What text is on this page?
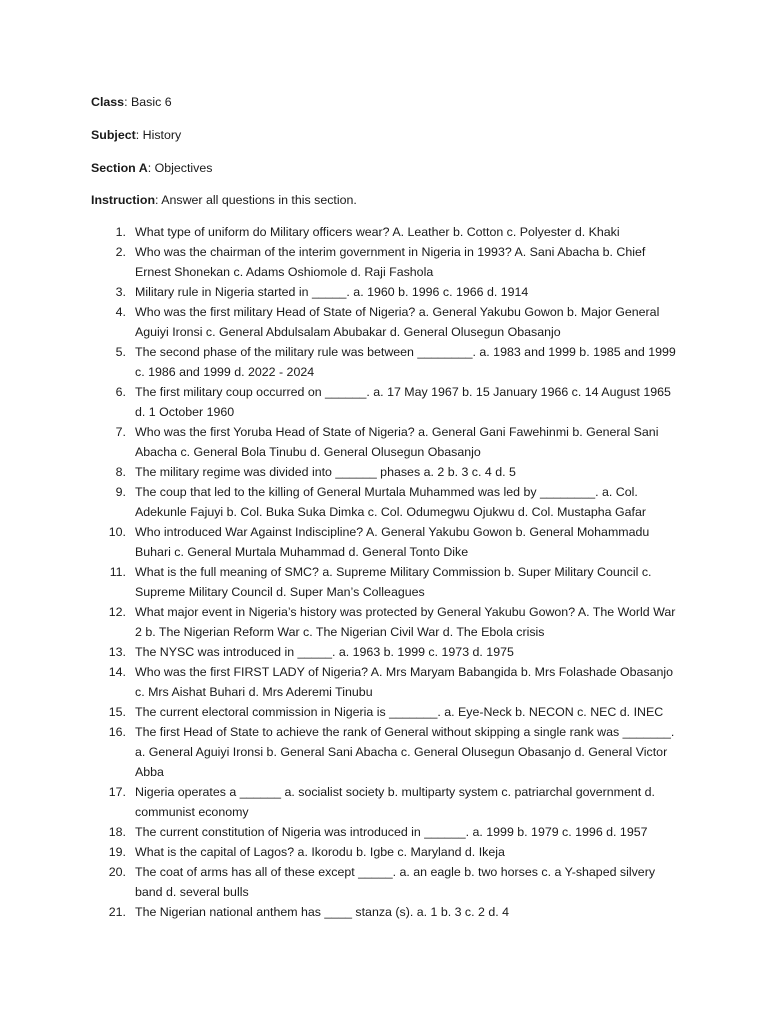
Class: Basic 6
Subject: History
Section A: Objectives
Instruction: Answer all questions in this section.
1. What type of uniform do Military officers wear? A. Leather b. Cotton c. Polyester d. Khaki
2. Who was the chairman of the interim government in Nigeria in 1993? A. Sani Abacha b. Chief Ernest Shonekan c. Adams Oshiomole d. Raji Fashola
3. Military rule in Nigeria started in _____. a. 1960 b. 1996 c. 1966 d. 1914
4. Who was the first military Head of State of Nigeria? a. General Yakubu Gowon b. Major General Aguiyi Ironsi c. General Abdulsalam Abubakar d. General Olusegun Obasanjo
5. The second phase of the military rule was between ________. a. 1983 and 1999 b. 1985 and 1999 c. 1986 and 1999 d. 2022 - 2024
6. The first military coup occurred on ______. a. 17 May 1967 b. 15 January 1966 c. 14 August 1965 d. 1 October 1960
7. Who was the first Yoruba Head of State of Nigeria? a. General Gani Fawehinmi b. General Sani Abacha c. General Bola Tinubu d. General Olusegun Obasanjo
8. The military regime was divided into ______ phases a. 2 b. 3 c. 4 d. 5
9. The coup that led to the killing of General Murtala Muhammed was led by ________. a. Col. Adekunle Fajuyi b. Col. Buka Suka Dimka c. Col. Odumegwu Ojukwu d. Col. Mustapha Gafar
10. Who introduced War Against Indiscipline? A. General Yakubu Gowon b. General Mohammadu Buhari c. General Murtala Muhammad d. General Tonto Dike
11. What is the full meaning of SMC? a. Supreme Military Commission b. Super Military Council c. Supreme Military Council d. Super Man’s Colleagues
12. What major event in Nigeria’s history was protected by General Yakubu Gowon? A. The World War 2 b. The Nigerian Reform War c. The Nigerian Civil War d. The Ebola crisis
13. The NYSC was introduced in _____. a. 1963 b. 1999 c. 1973 d. 1975
14. Who was the first FIRST LADY of Nigeria? A. Mrs Maryam Babangida b. Mrs Folashade Obasanjo c. Mrs Aishat Buhari d. Mrs Aderemi Tinubu
15. The current electoral commission in Nigeria is _______. a. Eye-Neck b. NECON c. NEC d. INEC
16. The first Head of State to achieve the rank of General without skipping a single rank was _______. a. General Aguiyi Ironsi b. General Sani Abacha c. General Olusegun Obasanjo d. General Victor Abba
17. Nigeria operates a ______ a. socialist society b. multiparty system c. patriarchal government d. communist economy
18. The current constitution of Nigeria was introduced in ______. a. 1999 b. 1979 c. 1996 d. 1957
19. What is the capital of Lagos? a. Ikorodu b. Igbe c. Maryland d. Ikeja
20. The coat of arms has all of these except _____. a. an eagle b. two horses c. a Y-shaped silvery band d. several bulls
21. The Nigerian national anthem has ____ stanza (s). a. 1 b. 3 c. 2 d. 4
